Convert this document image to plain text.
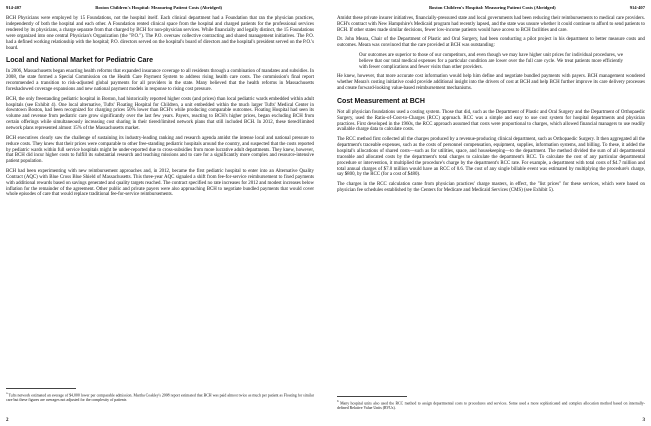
914-407	Boston Children's Hospital: Measuring Patient Costs (Abridged)

BCH Physicians were employed by 15 Foundations, not the hospital itself. Each clinical department had a Foundation that ran the physician practices, independently of both the hospital and each other. A Foundation rented clinical space from the hospital and charged patients for the professional services rendered by its physicians, a charge separate from that charged by BCH for non-physician services. While financially and legally distinct, the 15 Foundations were organized into one central Physician's Organization (the "P.O."). The P.O. oversaw collective contracting and shared management initiatives. The P.O. had a defined working relationship with the hospital; P.O. directors served on the hospital's board of directors and the hospital's president served on the P.O.'s board.

Local and National Market for Pediatric Care

In 2006, Massachusetts began enacting health reforms that expanded insurance coverage to all residents through a combination of mandates and subsidies. In 2008, the state formed a Special Commission on the Health Care Payment System to address rising health care costs. The commission's final report recommended a transition to risk-adjusted global payments for all providers in the state. Many believed that the health reforms in Massachusetts foreshadowed coverage expansions and new national payment models in response to rising cost pressure.

BCH, the only freestanding pediatric hospital in Boston, had historically reported higher costs (and prices) than local pediatric wards embedded within adult hospitals (see Exhibit 4). One local alternative, Tufts' Floating Hospital for Children, a unit embedded within the much larger Tufts' Medical Center in downtown Boston, had been recognized for charging prices 50% lower than BCH's while producing comparable outcomes. Floating Hospital had seen its volume and revenue from pediatric care grow significantly over the last few years. Payers, reacting to BCH's higher prices, began excluding BCH from certain offerings while simultaneously increasing cost sharing in their tiered/limited network plans that still included BCH. In 2012, these tiered/limited network plans represented almost 15% of the Massachusetts market.

BCH executives clearly saw the challenge of sustaining its industry-leading ranking and research agenda amidst the intense local and national pressure to reduce costs. They knew that their prices were comparable to other free-standing pediatric hospitals around the country, and suspected that the costs reported by pediatric wards within full service hospitals might be under-reported due to cross-subsidies from more lucrative adult departments. They knew, however, that BCH did incur higher costs to fulfill its substantial research and teaching missions and to care for a significantly more complex and resource-intensive patient population.

BCH had been experimenting with new reimbursement approaches and, in 2012, became the first pediatric hospital to enter into an Alternative Quality Contract (AQC) with Blue Cross Blue Shield of Massachusetts. This three-year AQC signaled a shift from fee-for-service reimbursement to fixed payments with additional rewards based on savings generated and quality targets reached. The contract specified no rate increases for 2012 and modest increases below inflation for the remainder of the agreement. Other public and private payers were also approaching BCH to negotiate bundled payments that would cover whole episodes of care that would replace traditional fee-for-service reimbursements.

a Tufts network estimated an average of $4,000 lower per comparable admission. Martha Coakley's 2008 report estimated that BCH was paid almost twice as much per patient as Floating for similar care but these figures are averages not adjusted for the complexity of patients

2
Boston Children's Hospital: Measuring Patient Costs (Abridged)	914-407

Amidst these private insurer initiatives, financially-pressured state and local governments had been reducing their reimbursements to medical care providers. BCH's contract with New Hampshire's Medicaid program had recently lapsed, and the state was unsure whether it could continue to afford to send patients to BCH. If other states made similar decisions, fewer low-income patients would have access to BCH facilities and care.

Dr. John Meara, Chair of the Department of Plastic and Oral Surgery, had been conducting a pilot project in his department to better measure costs and outcomes. Meara was convinced that the care provided at BCH was outstanding:

Our outcomes are superior to those of our competitors, and even though we may have higher unit prices for individual procedures, we believe that our total medical expenses for a particular condition are lower over the full care cycle. We treat patients more efficiently with fewer complications and fewer visits than other providers.

He knew, however, that more accurate cost information would help him define and negotiate bundled payments with payers. BCH management wondered whether Meara's costing initiative could provide additional insight into the drivers of cost at BCH and help BCH further improve its care delivery processes and create forward-looking value-based reimbursement mechanisms.

Cost Measurement at BCH

Not all physician foundations used a costing system. Those that did, such as the Department of Plastic and Oral Surgery and the Department of Orthopaedic Surgery, used the Ratio-of-Cost-to-Charges (RCC) approach. RCC was a simple and easy to use cost system for hospital departments and physician practices. First developed in the 1960s, the RCC approach assumed that costs were proportional to charges, which allowed financial managers to use readily available charge data to calculate costs.

The RCC method first collected all the charges produced by a revenue-producing clinical department, such as Orthopaedic Surgery. It then aggregated all the department's traceable expenses, such as the costs of personnel compensation, equipment, supplies, information systems, and billing. To these, it added the hospital's allocations of shared costs—such as for utilities, space, and housekeeping—to the department. The method divided the sum of all departmental traceable and allocated costs by the department's total charges to calculate the department's RCC. To calculate the cost of any particular departmental procedure or intervention, it multiplied the procedure's charge by the department's RCC rate. For example, a department with total costs of $4.7 million and total annual charges of $7.0 million would have an RCC of 0.6. The cost of any single billable event was estimated by multiplying the procedure's charge, say $800, by the RCC (for a cost of $480).

The charges in the RCC calculation came from physician practices' charge masters, in effect, the "list prices" for these services, which were based on physician fee schedules established by the Centers for Medicare and Medicaid Services (CMS) (see Exhibit 5).

b Many hospital units also used the RCC method to assign departmental costs to procedures and services. Some used a more sophisticated and complex allocation method based on internally-defined Relative Value Units (RVUs).

3
